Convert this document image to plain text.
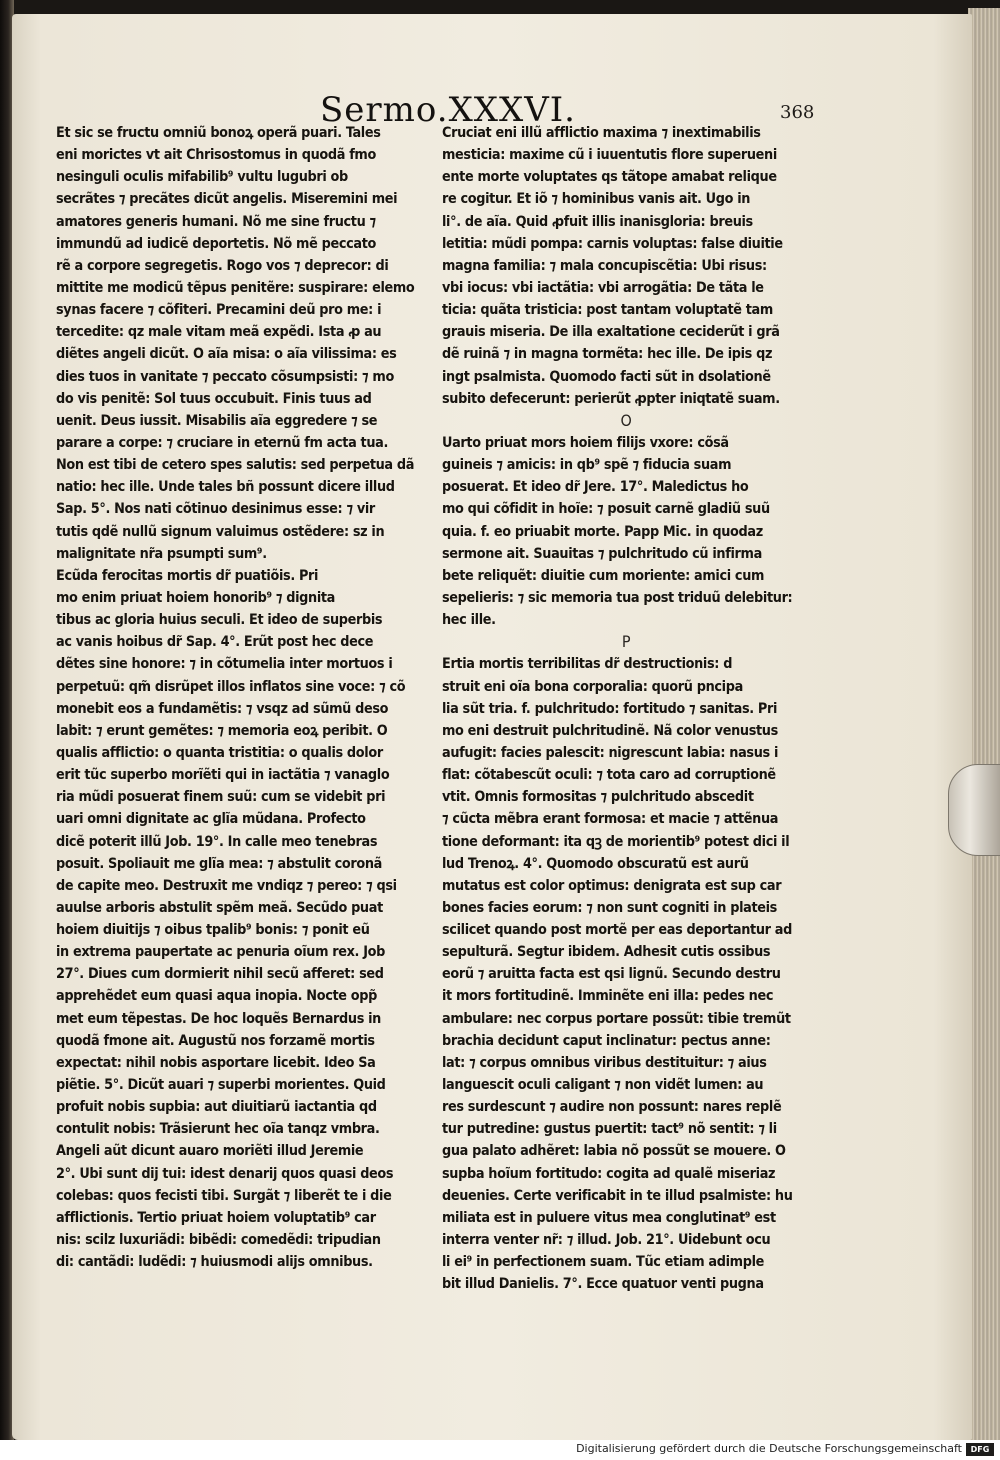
Sermo.XXXVI.	368
Et sic se fructu omniũ bonoꝝ operã puari. Tales
eni morictes vt ait Chrisostomus in quodã fmo
nesingulі oculis mifabilib⁹ vultu lugubri ob
secrãtes ⁊ precãtes dicũt angelis. Miseremini mei
amatores generis humani. Nõ me sine fructu ⁊
immundũ ad iudicẽ deportetis. Nõ mẽ peccato
rẽ a corpore segregetis. Rogo vos ⁊ deprecor: di
mittite me modicũ tẽpus penitẽre: suspirare: elemo
synas facere ⁊ cõfiteri. Precamini deũ pro me: i
tercedite: qz male vitam meã expẽdi. Ista ꝓ au
diẽtes angeli dicũt. O aĩa misa: o aĩa vilissima: es
dies tuos in vanitate ⁊ peccato cõsumpsisti: ⁊ mo
do vis penitẽ: Sol tuus occubuit. Finis tuus ad
uenit. Deus iussit. Misabilis aĩa eggredere ⁊ se
parare a corpe: ⁊ cruciare in eternũ fm acta tua.
Non est tibi de cetero spes salutis: sed perpetua dã
natio: hec ille. Unde tales bñ possunt dicere illud
Sap. 5°. Nos nati cõtinuo desinimus esse: ⁊ vir
tutis qdẽ nullũ signum valuimus ostẽdere: sz in
malignitate nr̃a psumpti sum⁹.
Ecũda ferocitas mortis dr̃ puatiõis. Pri
mo enim priuat hoiem honorib⁹ ⁊ dignita
tibus ac gloria huius seculi. Et ideo de superbis
ac vanis hoibus dr̃ Sap. 4°. Erũt post hec dece
dẽtes sine honore: ⁊ in cõtumelia inter mortuos i
perpetuũ: qm̃ disrũpet illos inflatos sine voce: ⁊ cõ
monebit eos a fundamẽtis: ⁊ vsqz ad sũmũ deso
labit: ⁊ erunt gemẽtes: ⁊ memoria eoꝝ peribit. O
qualis afflictio: o quanta tristitia: o qualis dolor
erit tũc superbo morĩẽti qui in iactãtia ⁊ vanaglo
ria mũdi posuerat finem suũ: cum se videbit pri
uari omni dignitate ac glĩa mũdana. Profecto
dicẽ poterit illũ Job. 19°. In calle meo tenebras
posuit. Spoliauit me glĩa mea: ⁊ abstulit coronã
de capite meo. Destruxit me vndiqz ⁊ pereo: ⁊ qsi
auulse arboris abstulit spẽm meã. Secũdo puat
hoiem diuitijs ⁊ oibus tpalib⁹ bonis: ⁊ ponit eũ
in extrema paupertate ac penuria oĩum rex. Job
27°. Diues cum dormierit nihil secũ afferet: sed
apprehẽdet eum quasi aqua inopia. Nocte opp̃
met eum tẽpestas. De hoc loquẽs Bernardus in
quodã fmone ait. Augustũ nos forzamẽ mortis
expectat: nihil nobis asportare licebit. Ideo Sa
piẽtie. 5°. Dicũt auari ⁊ superbi morientes. Quid
profuit nobis supbia: aut diuitiarũ iactantia qd
contulit nobis: Trãsierunt hec oĩa tanqz vmbra.
Angeli aũt dicunt auaro moriẽti illud Jeremie
2°. Ubi sunt dij tui: idest denarij quos quasi deos
colebas: quos fecisti tibi. Surgãt ⁊ liberẽt te i die
afflictionis. Tertio priuat hoiem voluptatib⁹ car
nis: scilz luxuriãdi: bibẽdi: comedẽdi: tripudian
di: cantãdi: ludẽdi: ⁊ huiusmodi alijs omnibus.
Cruciat eni illũ afflictio maxima ⁊ inextimabilis
mesticia: maxime cũ i iuuentutis flore superueni
ente morte voluptates qs tãtope amabat relique
re cogitur. Et iõ ⁊ hominibus vanis ait. Ugo in
li°. de aĩa. Quid ꝓfuit illis inanisgloria: breuis
letitia: mũdi pompa: carnis voluptas: false diuitie
magna familia: ⁊ mala concupiscẽtia: Ubi risus:
vbi iocus: vbi iactãtia: vbi arrogãtia: De tãta le
ticia: quãta tristicia: post tantam voluptatẽ tam
grauis miseria. De illa exaltatione ceciderũt i grã
dẽ ruinã ⁊ in magna tormẽta: hec ille. De ipis qz
ingt psalmista. Quomodo facti sũt in dsolationẽ
subito defecerunt: perierũt ꝓpter iniqtatẽ suam.
O
Uarto priuat mors hoiem filijs vxore: cõsã
guineis ⁊ amicis: in qb⁹ spẽ ⁊ fiducia suam
posuerat. Et ideo dr̃ Jere. 17°. Maledictus ho
mo qui cõfidit in hoĩe: ⁊ posuit carnẽ gladiũ suũ
quia. f. eo priuabit morte. Papp Mic. in quodaz
sermone ait. Suauitas ⁊ pulchritudo cũ infirma
bete reliquẽt: diuitie cum moriente: amici cum
sepelieris: ⁊ sic memoria tua post triduũ delebitur:
hec ille.
P
Ertia mortis terribilitas dr̃ destructionis: d
struit eni oĩa bona corporalia: quorũ pncipa
lia sũt tria. f. pulchritudo: fortitudo ⁊ sanitas. Pri
mo eni destruit pulchritudinẽ. Nã color venustus
aufugit: facies palescit: nigrescunt labia: nasus i
flat: cõtabescũt oculi: ⁊ tota caro ad corruptionẽ
vtit. Omnis formositas ⁊ pulchritudo abscedit
⁊ cũcta mẽbra erant formosa: et macie ⁊ attẽnua
tione deformant: ita qꝫ de morientib⁹ potest dici il
lud Trenoꝝ. 4°. Quomodo obscuratũ est aurũ
mutatus est color optimus: denigrata est sup car
bones facies eorum: ⁊ non sunt cogniti in plateis
scilicet quando post mortẽ per eas deportantur ad
sepulturã. Segtur ibidem. Adhesit cutis ossibus
eorũ ⁊ aruitta facta est qsi lignũ. Secundo destru
it mors fortitudinẽ. Imminẽte eni illa: pedes nec
ambulare: nec corpus portare possũt: tibie tremũt
brachia decidunt caput inclinatur: pectus anne:
lat: ⁊ corpus omnibus viribus destituitur: ⁊ aius
languescit oculi caligant ⁊ non vidẽt lumen: au
res surdescunt ⁊ audire non possunt: nares replẽ
tur putredine: gustus puertit: tact⁹ nõ sentit: ⁊ li
gua palato adhẽret: labia nõ possũt se mouere. O
supba hoĩum fortitudo: cogita ad qualẽ miseriaz
deuenies. Certe verificabit in te illud psalmiste: hu
miliata est in puluere vitus mea conglutinat⁹ est
interra venter nr̃: ⁊ illud. Job. 21°. Uidebunt ocu
li ei⁹ in perfectionem suam. Tũc etiam adimple
bit illud Danielis. 7°. Ecce quatuor venti pugna
Digitalisierung gefördert durch die Deutsche Forschungsgemeinschaft	DFG
